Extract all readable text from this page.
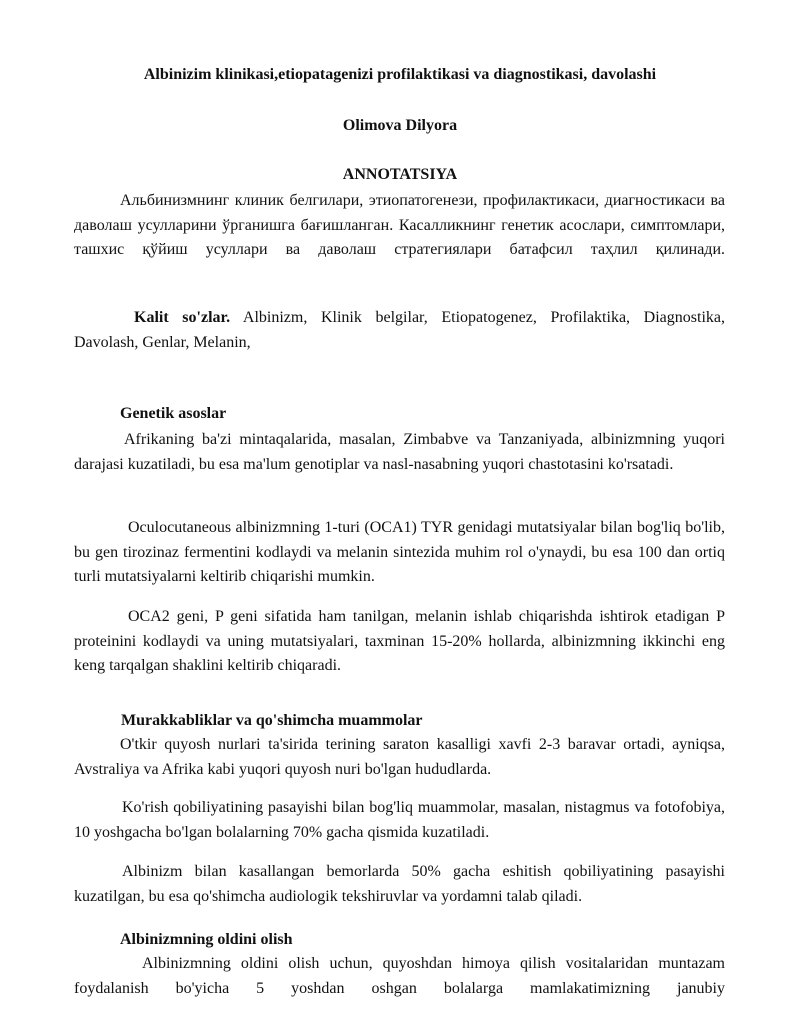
Albinizim klinikasi,etiopatagenizi profilaktikasi va diagnostikasi, davolashi

Olimova Dilyora

ANNOTATSIYA

Альбинизмнинг клиник белгилари, этиопатогенези, профилактикаси, диагностикаси ва даволаш усулларини ўрганишга бағишланган. Касалликнинг генетик асослари, симптомлари, ташхис қўйиш усуллари ва даволаш стратегиялари батафсил таҳлил қилинади.

Kalit so'zlar. Albinizm, Klinik belgilar, Etiopatogenez, Profilaktika, Diagnostika, Davolash, Genlar, Melanin,

Genetik asoslar

Afrikaning ba'zi mintaqalarida, masalan, Zimbabve va Tanzaniyada, albinizmning yuqori darajasi kuzatiladi, bu esa ma'lum genotiplar va nasl-nasabning yuqori chastotasini ko'rsatadi.

Oculocutaneous albinizmning 1-turi (OCA1) TYR genidagi mutatsiyalar bilan bog'liq bo'lib, bu gen tirozinaz fermentini kodlaydi va melanin sintezida muhim rol o'ynaydi, bu esa 100 dan ortiq turli mutatsiyalarni keltirib chiqarishi mumkin.

OCA2 geni, P geni sifatida ham tanilgan, melanin ishlab chiqarishda ishtirok etadigan P proteinini kodlaydi va uning mutatsiyalari, taxminan 15-20% hollarda, albinizmning ikkinchi eng keng tarqalgan shaklini keltirib chiqaradi.

Murakkabliklar va qo'shimcha muammolar

O'tkir quyosh nurlari ta'sirida terining saraton kasalligi xavfi 2-3 baravar ortadi, ayniqsa, Avstraliya va Afrika kabi yuqori quyosh nuri bo'lgan hududlarda.

Ko'rish qobiliyatining pasayishi bilan bog'liq muammolar, masalan, nistagmus va fotofobiya, 10 yoshgacha bo'lgan bolalarning 70% gacha qismida kuzatiladi.

Albinizm bilan kasallangan bemorlarda 50% gacha eshitish qobiliyatining pasayishi kuzatilgan, bu esa qo'shimcha audiologik tekshiruvlar va yordamni talab qiladi.

Albinizmning oldini olish

Albinizmning oldini olish uchun, quyoshdan himoya qilish vositalaridan muntazam foydalanish bo'yicha 5 yoshdan oshgan bolalarga mamlakatimizning janubiy
